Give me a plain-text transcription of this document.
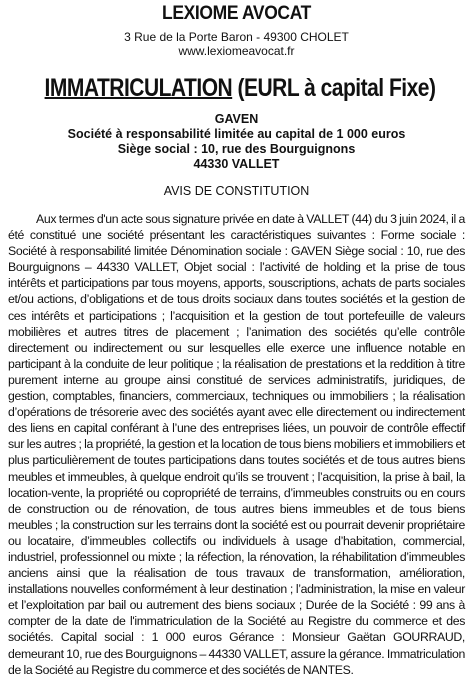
LEXIOME AVOCAT
3 Rue de la Porte Baron - 49300 CHOLET
www.lexiomeavocat.fr
IMMATRICULATION (EURL à capital Fixe)
GAVEN
Société à responsabilité limitée au capital de 1 000 euros
Siège social : 10, rue des Bourguignons
44330 VALLET
AVIS DE CONSTITUTION
Aux termes d'un acte sous signature privée en date à VALLET (44) du 3 juin 2024, il a été constitué une société présentant les caractéristiques suivantes : Forme sociale : Société à responsabilité limitée Dénomination sociale : GAVEN Siège social : 10, rue des Bourguignons – 44330 VALLET, Objet social : l’activité de holding et la prise de tous intérêts et participations par tous moyens, apports, souscriptions, achats de parts sociales et/ou actions, d’obligations et de tous droits sociaux dans toutes sociétés et la gestion de ces intérêts et participations ; l’acquisition et la gestion de tout portefeuille de valeurs mobilières et autres titres de placement ; l’animation des sociétés qu’elle contrôle directement ou indirectement ou sur lesquelles elle exerce une influence notable en participant à la conduite de leur politique ; la réalisation de prestations et la reddition à titre purement interne au groupe ainsi constitué de services administratifs, juridiques, de gestion, comptables, financiers, commerciaux, techniques ou immobiliers ; la réalisation d’opérations de trésorerie avec des sociétés ayant avec elle directement ou indirectement des liens en capital conférant à l’une des entreprises liées, un pouvoir de contrôle effectif sur les autres ; la propriété, la gestion et la location de tous biens mobiliers et immobiliers et plus particulièrement de toutes participations dans toutes sociétés et de tous autres biens meubles et immeubles, à quelque endroit qu’ils se trouvent ; l’acquisition, la prise à bail, la location-vente, la propriété ou copropriété de terrains, d’immeubles construits ou en cours de construction ou de rénovation, de tous autres biens immeubles et de tous biens meubles ; la construction sur les terrains dont la société est ou pourrait devenir propriétaire ou locataire, d’immeubles collectifs ou individuels à usage d’habitation, commercial, industriel, professionnel ou mixte ; la réfection, la rénovation, la réhabilitation d’immeubles anciens ainsi que la réalisation de tous travaux de transformation, amélioration, installations nouvelles conformément à leur destination ; l’administration, la mise en valeur et l’exploitation par bail ou autrement des biens sociaux ; Durée de la Société : 99 ans à compter de la date de l'immatriculation de la Société au Registre du commerce et des sociétés. Capital social : 1 000 euros Gérance : Monsieur Gaëtan GOURRAUD, demeurant 10, rue des Bourguignons – 44330 VALLET, assure la gérance. Immatriculation de la Société au Registre du commerce et des sociétés de NANTES.
